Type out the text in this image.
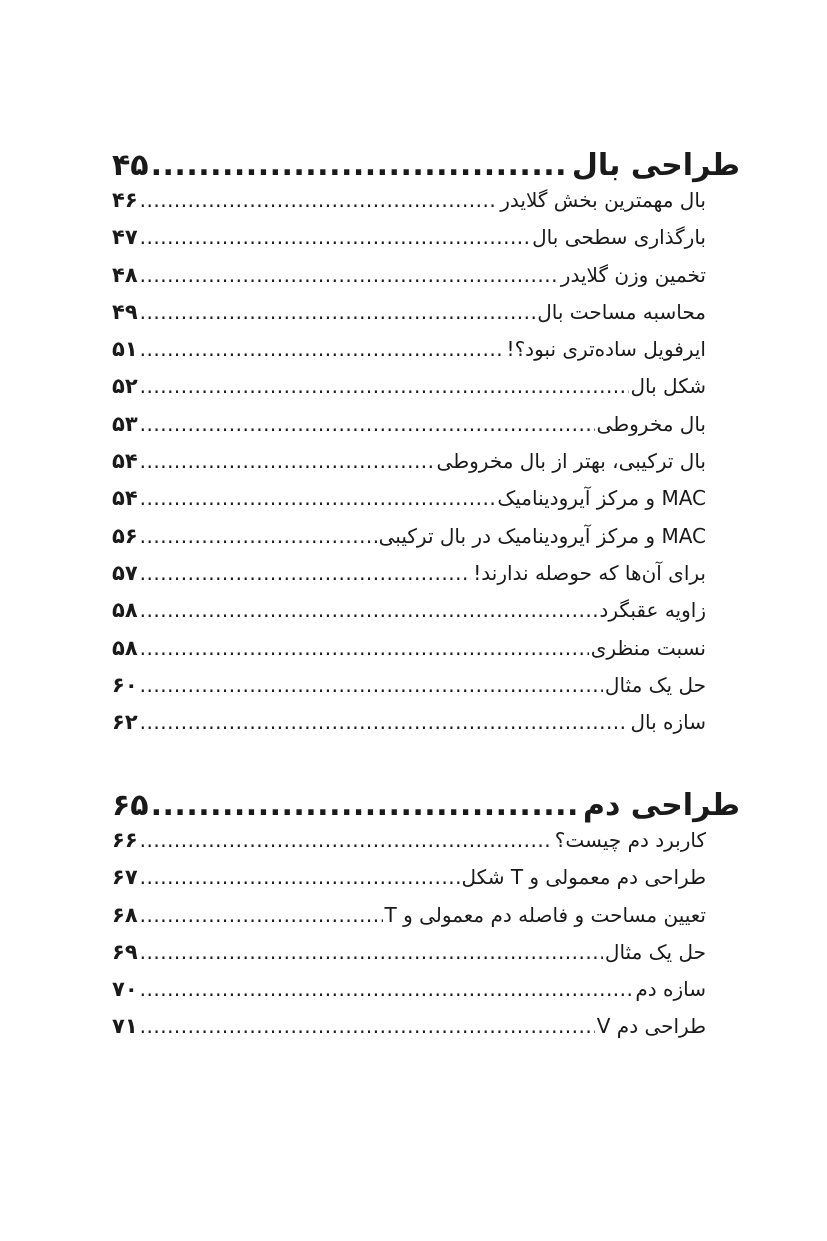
طراحی بال
.....
۴۵
بال مهمترین بخش گلایدر
.....
۴۶
بارگذاری سطحی بال
.....
۴۷
تخمین وزن گلایدر
.....
۴۸
محاسبه مساحت بال
.....
۴۹
ایرفویل ساده‌تری نبود؟!
.....
۵۱
شکل بال
.....
۵۲
بال مخروطی
.....
۵۳
بال ترکیبی، بهتر از بال مخروطی
.....
۵۴
MAC و مرکز آیرودینامیک
.....
۵۴
MAC و مرکز آیرودینامیک در بال ترکیبی
.....
۵۶
برای آن‌ها که حوصله ندارند!
.....
۵۷
زاویه عقبگرد
.....
۵۸
نسبت منظری
.....
۵۸
حل یک مثال
.....
۶۰
سازه بال
.....
۶۲
طراحی دم
.....
۶۵
کاربرد دم چیست؟
.....
۶۶
طراحی دم معمولی و T شکل
.....
۶۷
تعیین مساحت و فاصله دم معمولی و T
.....
۶۸
حل یک مثال
.....
۶۹
سازه دم
.....
۷۰
طراحی دم V
.....
۷۱
